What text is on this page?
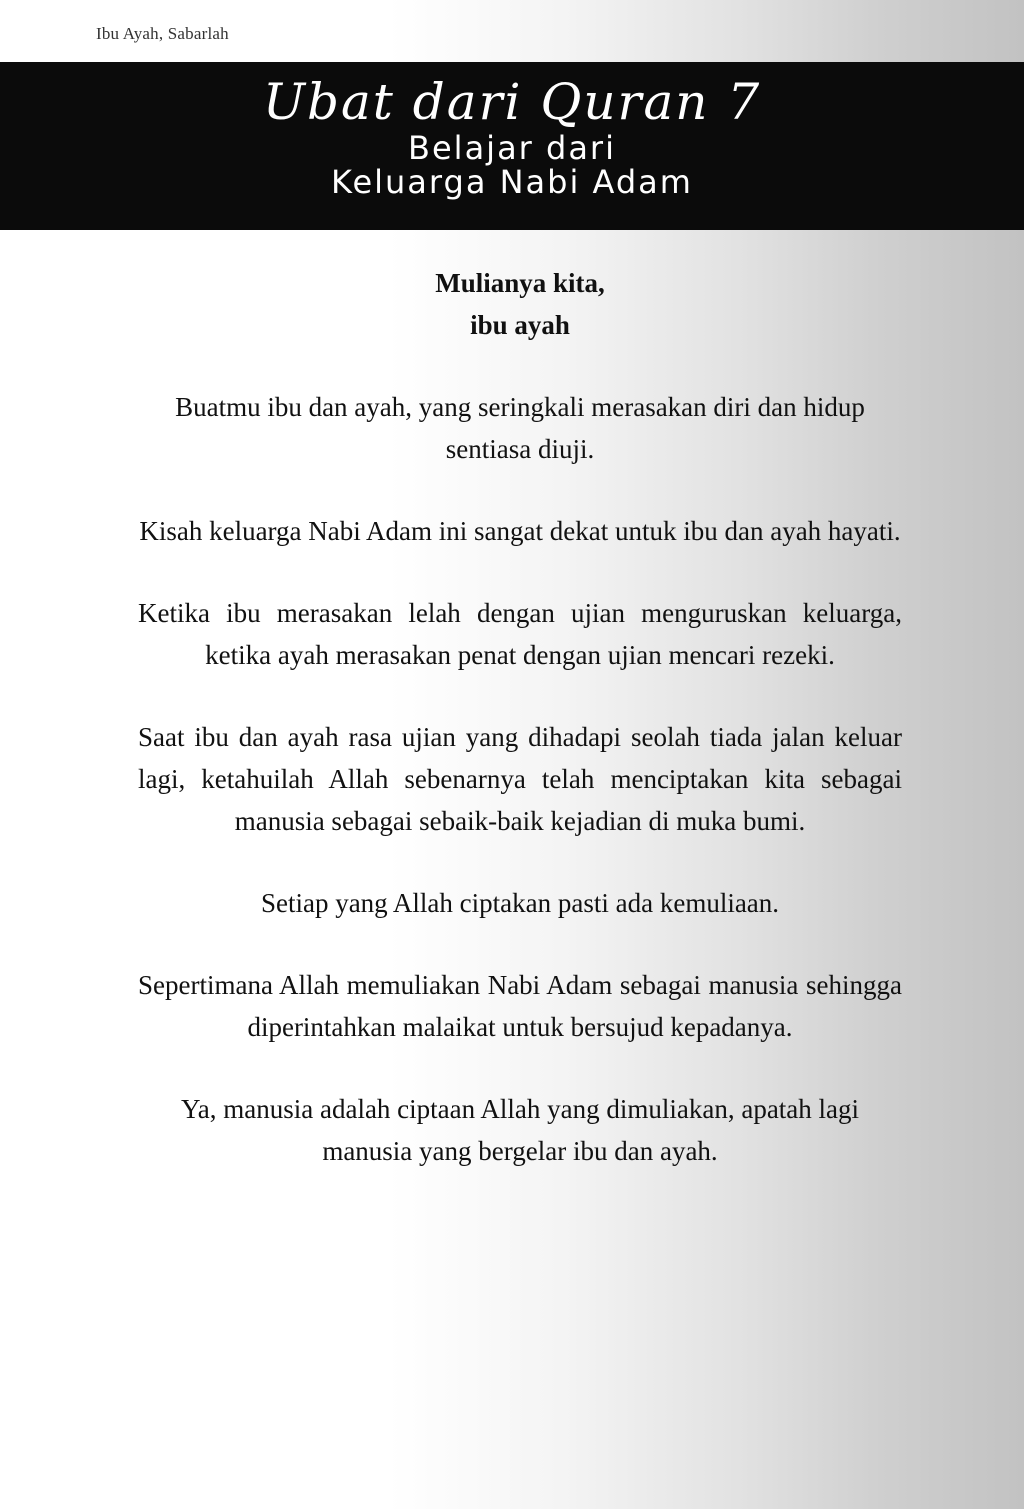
Ibu Ayah, Sabarlah
Ubat dari Quran 7
Belajar dari
Keluarga Nabi Adam
Mulianya kita,
ibu ayah

Buatmu ibu dan ayah, yang seringkali merasakan diri dan hidup sentiasa diuji.

Kisah keluarga Nabi Adam ini sangat dekat untuk ibu dan ayah hayati.

Ketika ibu merasakan lelah dengan ujian menguruskan keluarga, ketika ayah merasakan penat dengan ujian mencari rezeki.

Saat ibu dan ayah rasa ujian yang dihadapi seolah tiada jalan keluar lagi, ketahuilah Allah sebenarnya telah menciptakan kita sebagai manusia sebagai sebaik-baik kejadian di muka bumi.

Setiap yang Allah ciptakan pasti ada kemuliaan.

Sepertimana Allah memuliakan Nabi Adam sebagai manusia sehingga diperintahkan malaikat untuk bersujud kepadanya.

Ya, manusia adalah ciptaan Allah yang dimuliakan, apatah lagi manusia yang bergelar ibu dan ayah.
